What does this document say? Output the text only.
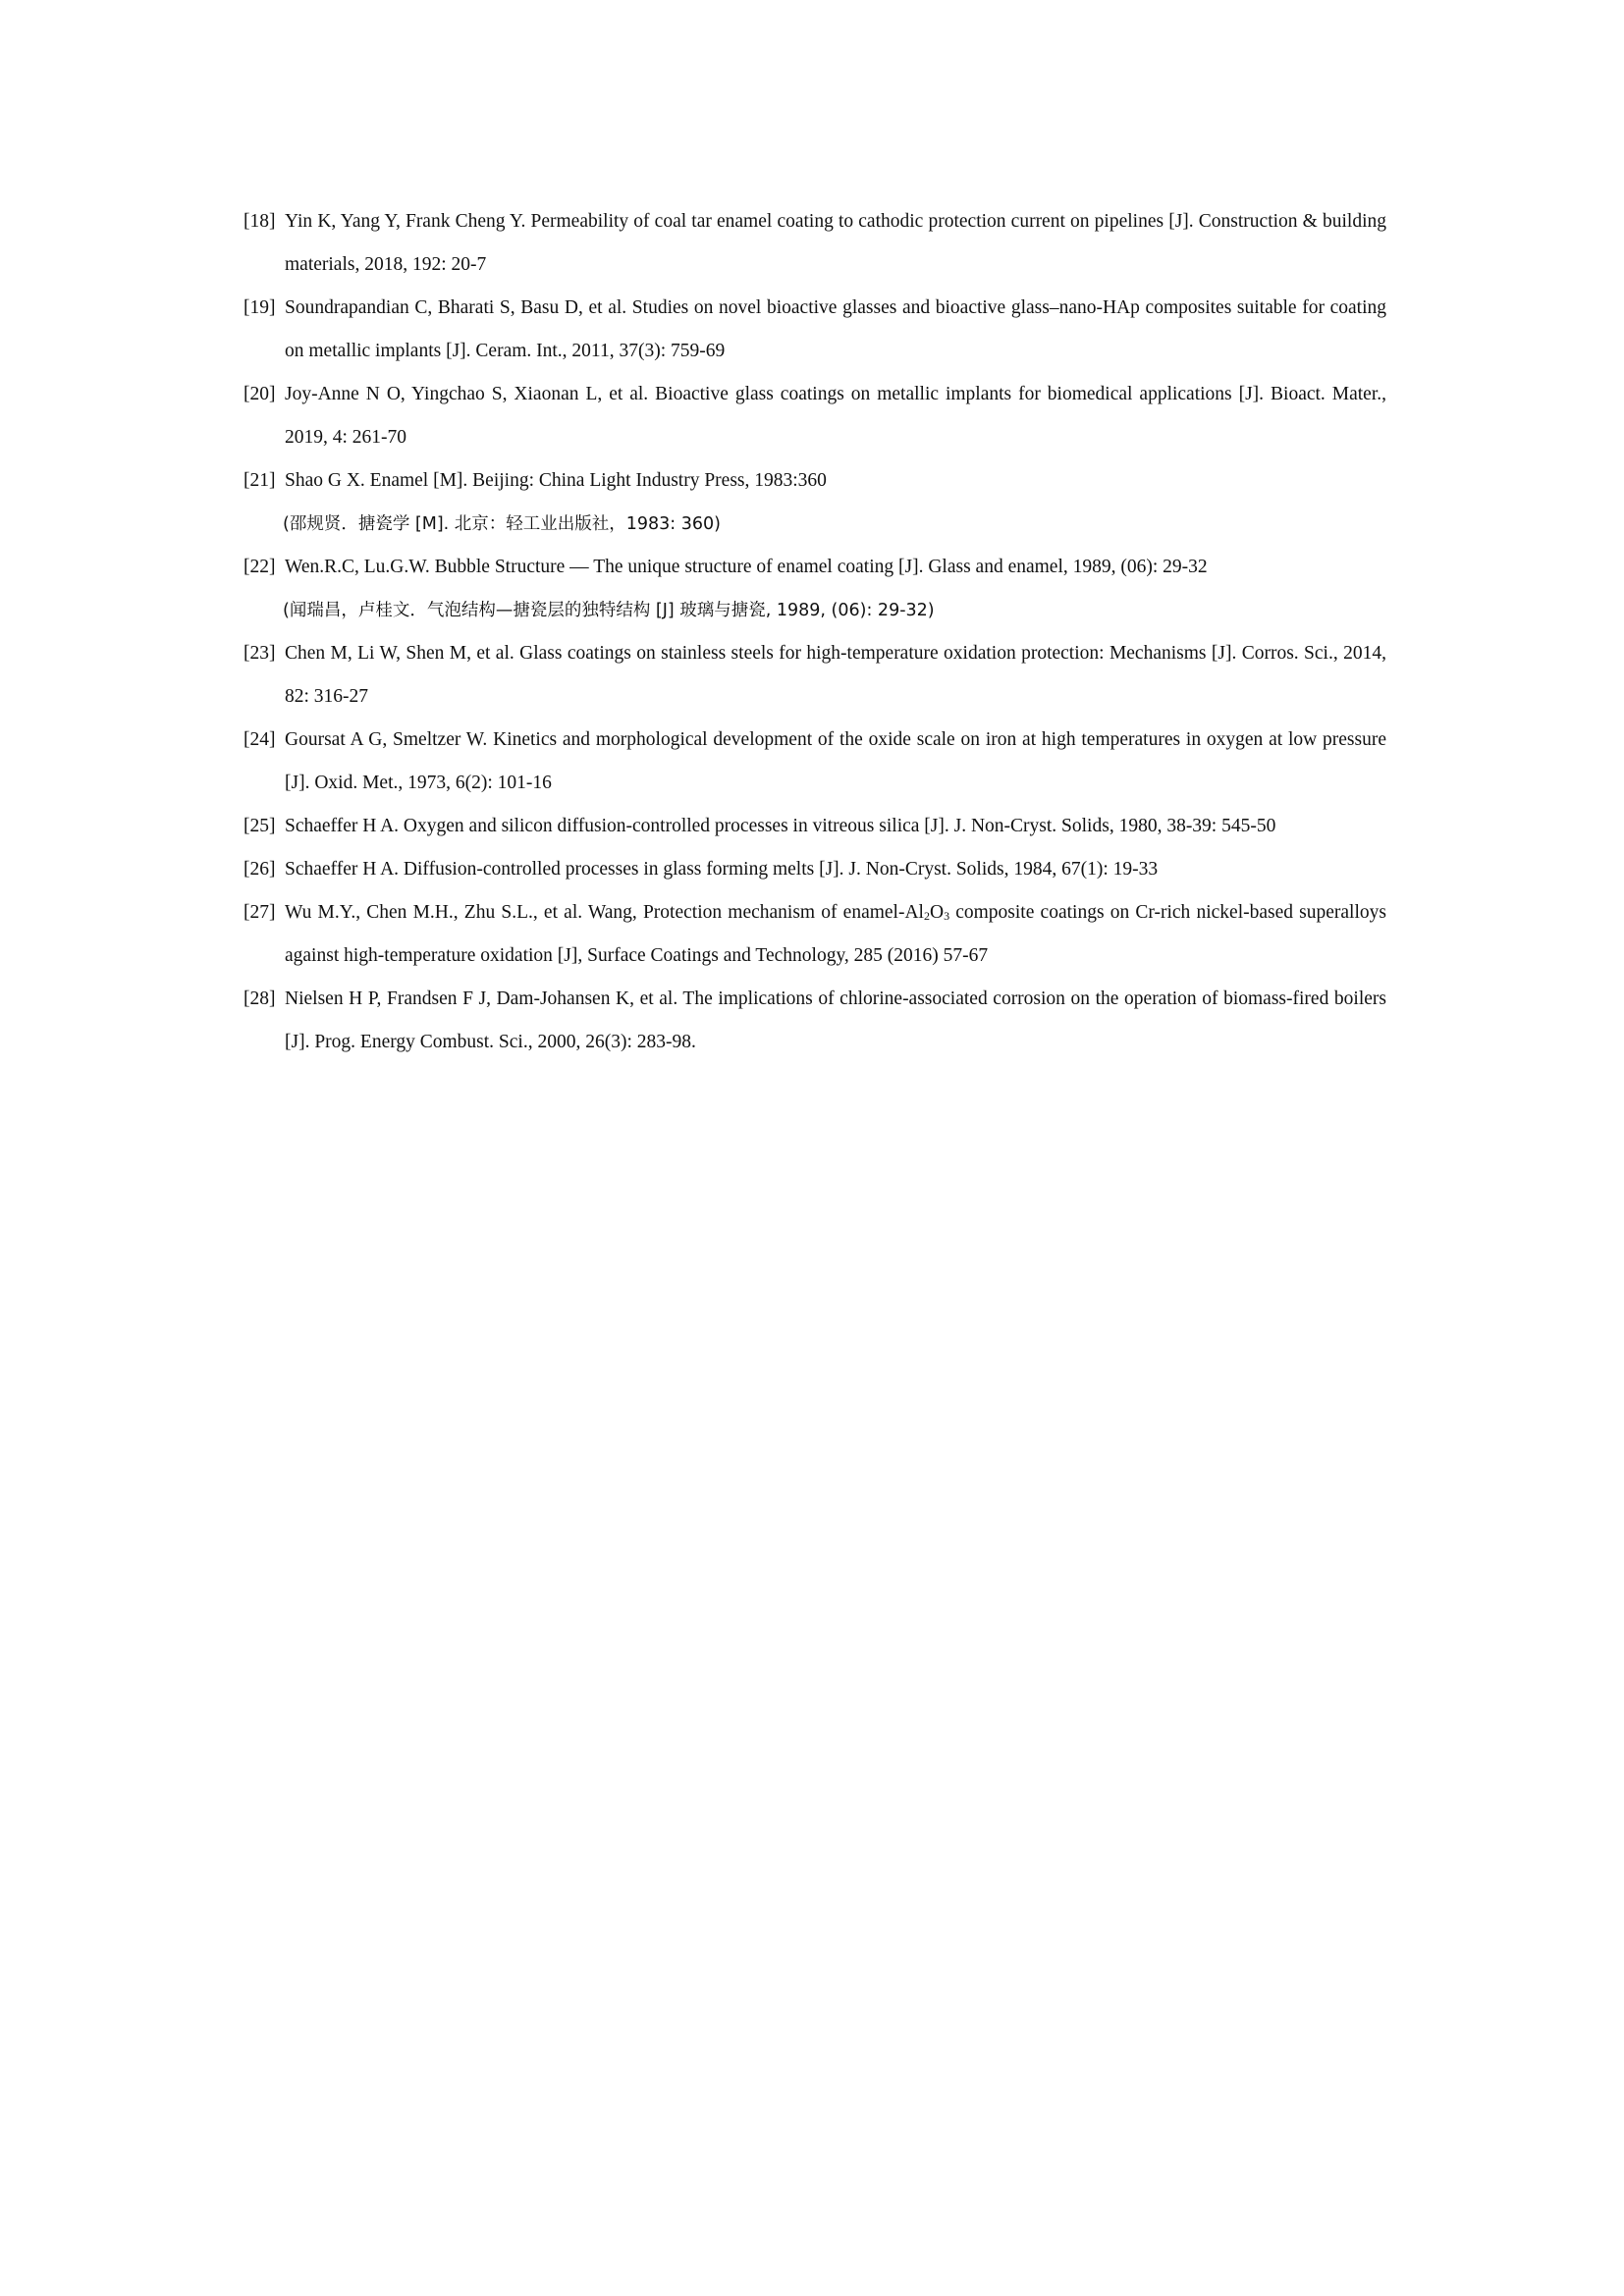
[18] Yin K, Yang Y, Frank Cheng Y. Permeability of coal tar enamel coating to cathodic protection current on pipelines [J]. Construction & building materials, 2018, 192: 20-7
[19] Soundrapandian C, Bharati S, Basu D, et al. Studies on novel bioactive glasses and bioactive glass–nano-HAp composites suitable for coating on metallic implants [J]. Ceram. Int., 2011, 37(3): 759-69
[20] Joy-Anne N O, Yingchao S, Xiaonan L, et al. Bioactive glass coatings on metallic implants for biomedical applications [J]. Bioact. Mater., 2019, 4: 261-70
[21] Shao G X. Enamel [M]. Beijing: China Light Industry Press, 1983:360
(邵规贤．搪瓷学 [M]. 北京：轻工业出版社，1983: 360)
[22] Wen.R.C, Lu.G.W. Bubble Structure — The unique structure of enamel coating [J]. Glass and enamel, 1989, (06): 29-32
(闻瑞昌，卢桂文．气泡结构—搪瓷层的独特结构 [J] 玻璃与搪瓷, 1989, (06): 29-32)
[23] Chen M, Li W, Shen M, et al. Glass coatings on stainless steels for high-temperature oxidation protection: Mechanisms [J]. Corros. Sci., 2014, 82: 316-27
[24] Goursat A G, Smeltzer W. Kinetics and morphological development of the oxide scale on iron at high temperatures in oxygen at low pressure [J]. Oxid. Met., 1973, 6(2): 101-16
[25] Schaeffer H A. Oxygen and silicon diffusion-controlled processes in vitreous silica [J]. J. Non-Cryst. Solids, 1980, 38-39: 545-50
[26] Schaeffer H A. Diffusion-controlled processes in glass forming melts [J]. J. Non-Cryst. Solids, 1984, 67(1): 19-33
[27] Wu M.Y., Chen M.H., Zhu S.L., et al. Wang, Protection mechanism of enamel-$Al_2O_3$ composite coatings on Cr-rich nickel-based superalloys against high-temperature oxidation [J], Surface Coatings and Technology, 285 (2016) 57-67
[28] Nielsen H P, Frandsen F J, Dam-Johansen K, et al. The implications of chlorine-associated corrosion on the operation of biomass-fired boilers [J]. Prog. Energy Combust. Sci., 2000, 26(3): 283-98.
